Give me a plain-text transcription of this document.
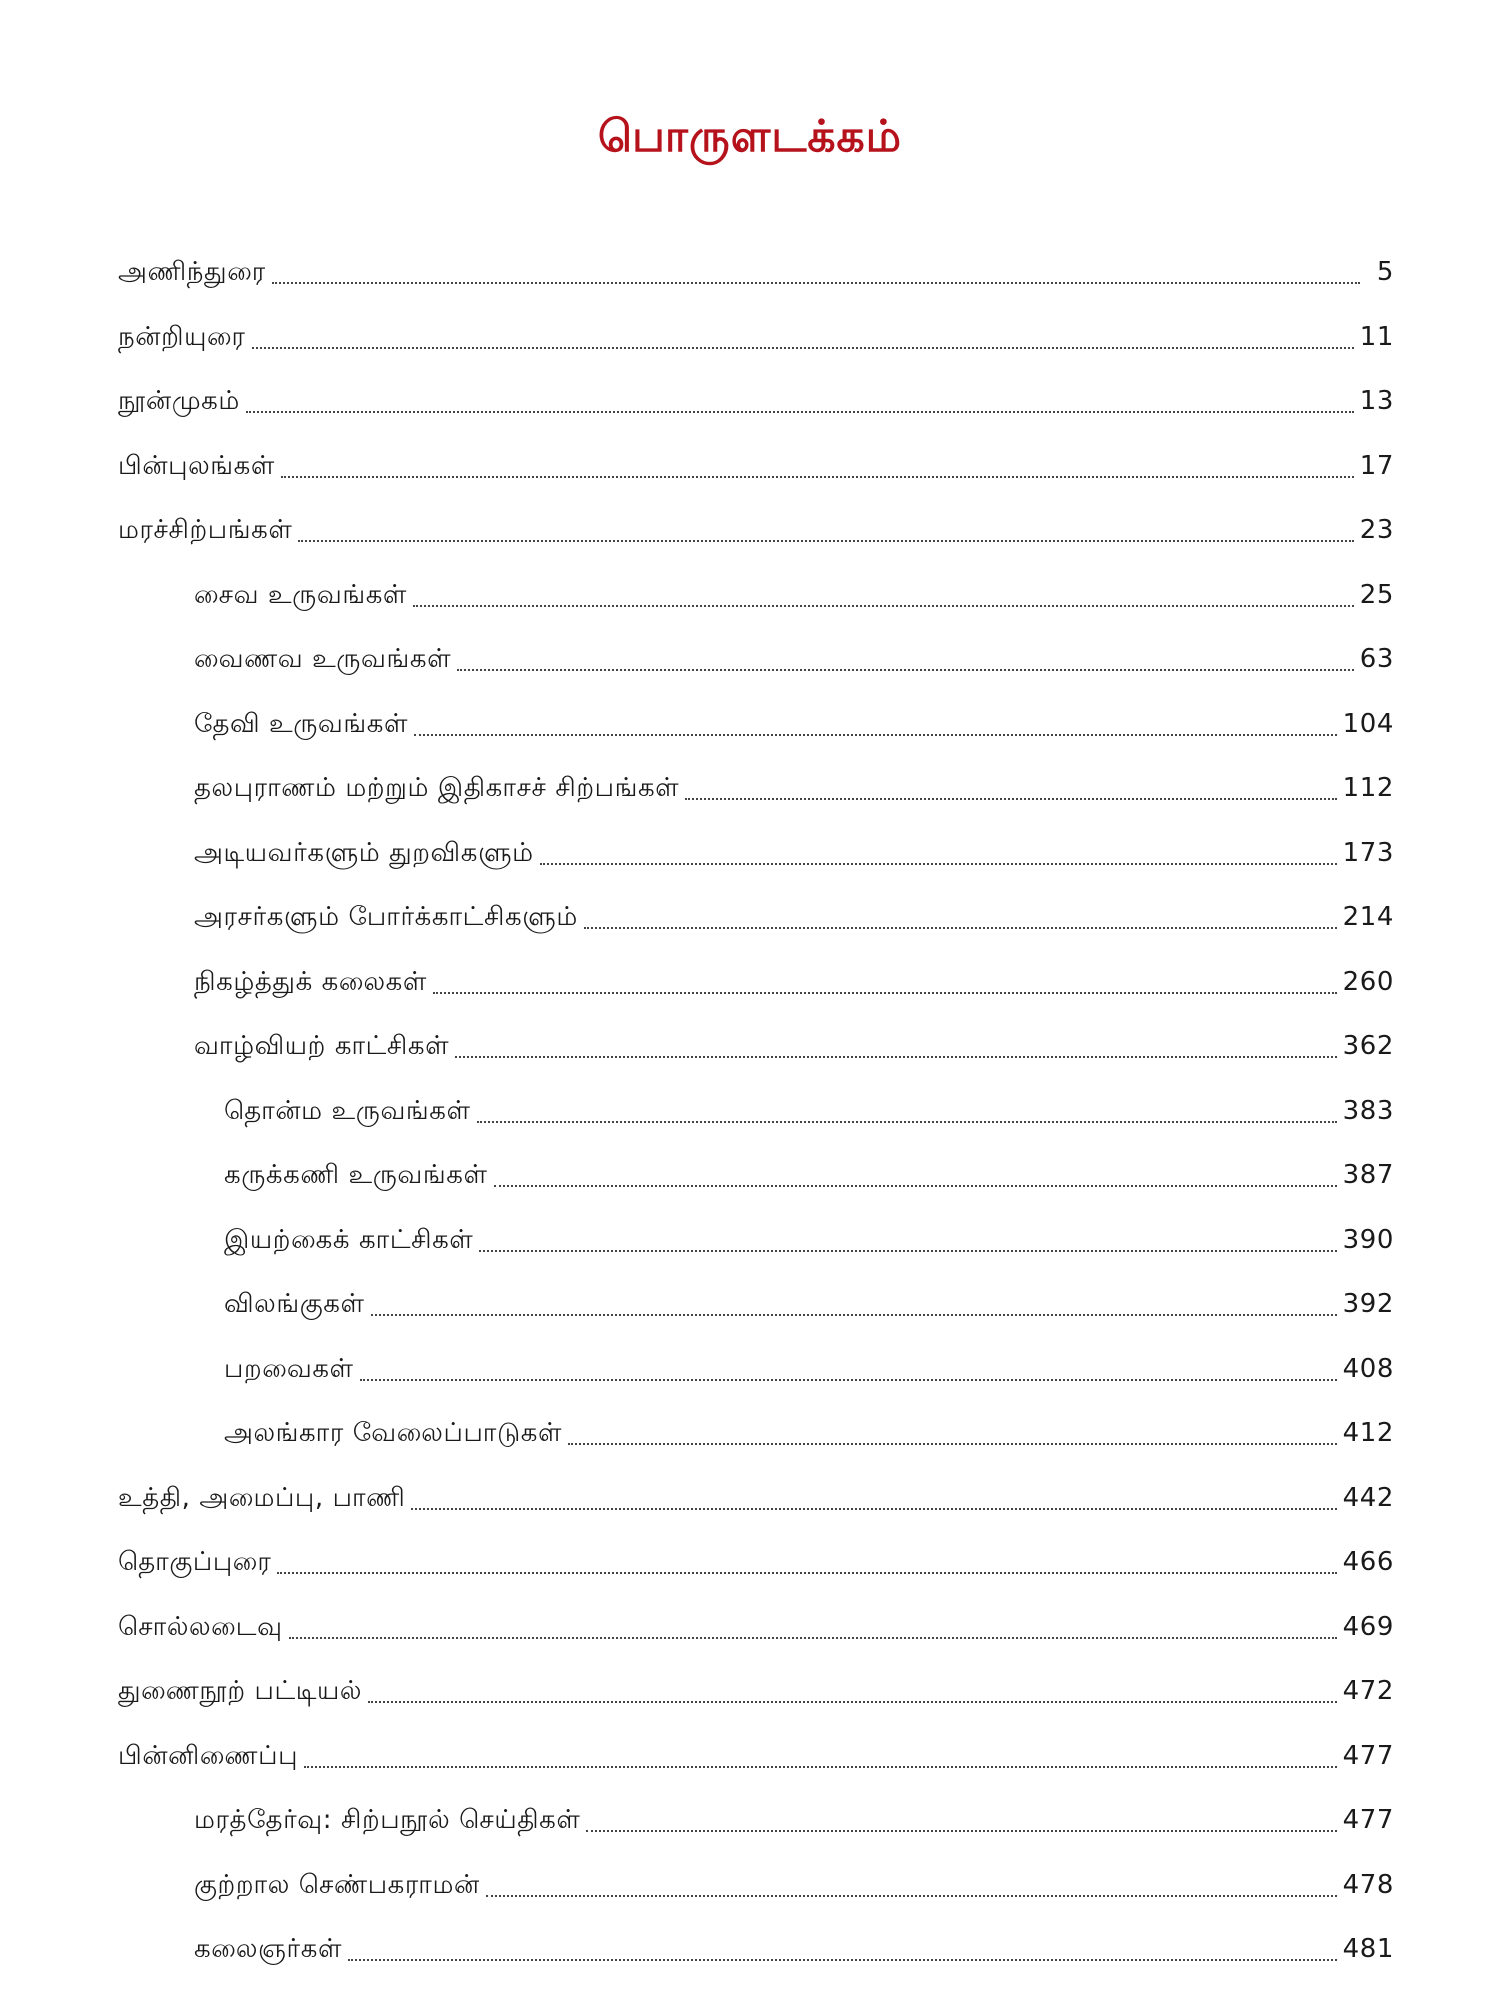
பொருளடக்கம்
அணிந்துரை	5
நன்றியுரை	11
நூன்முகம்	13
பின்புலங்கள்	17
மரச்சிற்பங்கள்	23
சைவ உருவங்கள்	25
வைணவ உருவங்கள்	63
தேவி உருவங்கள்	104
தலபுராணம் மற்றும் இதிகாசச் சிற்பங்கள்	112
அடியவர்களும் துறவிகளும்	173
அரசர்களும் போர்க்காட்சிகளும்	214
நிகழ்த்துக் கலைகள்	260
வாழ்வியற் காட்சிகள்	362
தொன்ம உருவங்கள்	383
கருக்கணி உருவங்கள்	387
இயற்கைக் காட்சிகள்	390
விலங்குகள்	392
பறவைகள்	408
அலங்கார வேலைப்பாடுகள்	412
உத்தி, அமைப்பு, பாணி	442
தொகுப்புரை	466
சொல்லடைவு	469
துணைநூற் பட்டியல்	472
பின்னிணைப்பு	477
மரத்தேர்வு: சிற்பநூல் செய்திகள்	477
குற்றால செண்பகராமன்	478
கலைஞர்கள்	481
